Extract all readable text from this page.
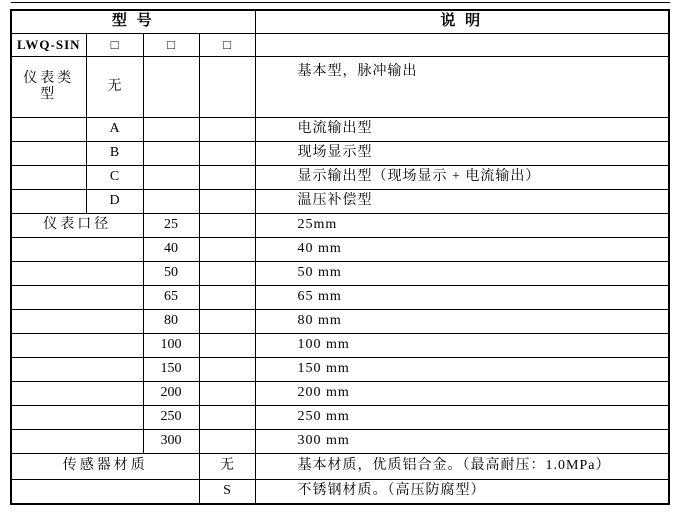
型 号				说 明
LWQ-SIN	□	□	□	
仪表类型	无			基本型，脉冲输出
	A			电流输出型
	B			现场显示型
	C			显示输出型（现场显示 + 电流输出）
	D			温压补偿型
仪表口径		25		25mm
		40		40 mm
		50		50 mm
		65		65 mm
		80		80 mm
		100		100 mm
		150		150 mm
		200		200 mm
		250		250 mm
		300		300 mm
传感器材质			无	基本材质，优质铝合金。（最高耐压：1.0MPa）
			S	不锈钢材质。（高压防腐型）
